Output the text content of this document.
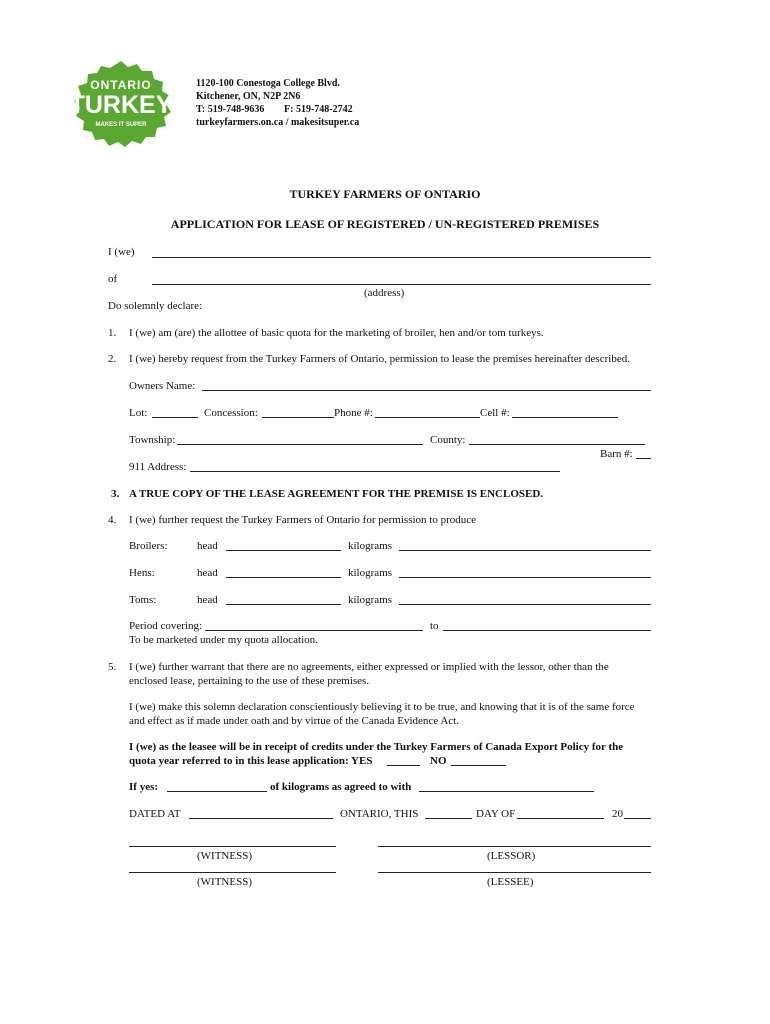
ONTARIO
TURKEY
MAKES IT SUPER
1120-100 Conestoga College Blvd.
Kitchener, ON, N2P 2N6
T: 519-748-9636 F: 519-748-2742
turkeyfarmers.on.ca / makesitsuper.ca
TURKEY FARMERS OF ONTARIO
APPLICATION FOR LEASE OF REGISTERED / UN-REGISTERED PREMISES
I (we)
of
(address)
Do solemnly declare:
1. I (we) am (are) the allottee of basic quota for the marketing of broiler, hen and/or tom turkeys.
2. I (we) hereby request from the Turkey Farmers of Ontario, permission to lease the premises hereinafter described.
Owners Name:
Lot:	Concession:	Phone #:	Cell #:
Township:	County:
Barn #:
911 Address:
3. A TRUE COPY OF THE LEASE AGREEMENT FOR THE PREMISE IS ENCLOSED.
4. I (we) further request the Turkey Farmers of Ontario for permission to produce
Broilers:	head	kilograms
Hens:	head	kilograms
Toms:	head	kilograms
Period covering:	to
To be marketed under my quota allocation.
5. I (we) further warrant that there are no agreements, either expressed or implied with the lessor, other than the
enclosed lease, pertaining to the use of these premises.
I (we) make this solemn declaration conscientiously believing it to be true, and knowing that it is of the same force
and effect as if made under oath and by virtue of the Canada Evidence Act.
I (we) as the leasee will be in receipt of credits under the Turkey Farmers of Canada Export Policy for the
quota year referred to in this lease application: YES	NO
If yes:	of kilograms as agreed to with
DATED AT	ONTARIO, THIS	DAY OF	20
(WITNESS)	(LESSOR)
(WITNESS)	(LESSEE)
